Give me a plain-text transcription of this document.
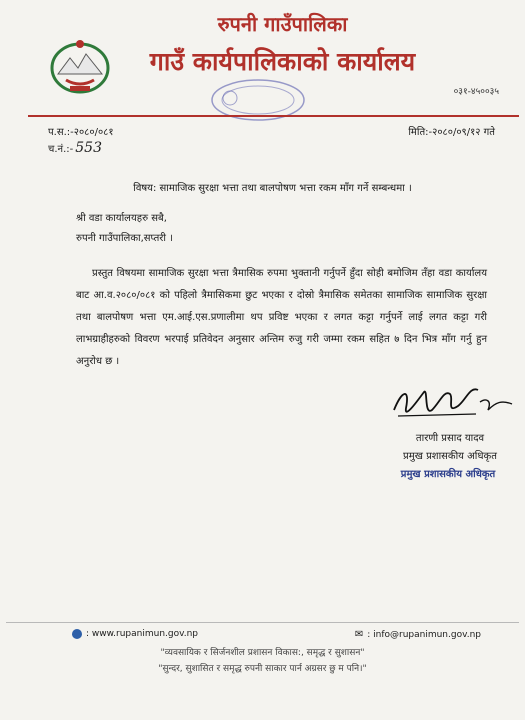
रुपनी गाउँपालिका
गाउँ कार्यपालिकाको कार्यालय
०३१-४५००३५
प.स.:-२०८०/०८१
च.नं.:- 553
मिति:-२०८०/०९/१२ गते
विषय: सामाजिक सुरक्षा भत्ता तथा बालपोषण भत्ता रकम माँग गर्ने सम्बन्धमा ।
श्री वडा कार्यालयहरु सबै,
रुपनी गाउँपालिका,सप्तरी ।
प्रस्तुत विषयमा सामाजिक सुरक्षा भत्ता त्रैमासिक रुपमा भुक्तानी गर्नुपर्ने हुँदा सोही बमोजिम तँहा वडा कार्यालय बाट आ.व.२०८०/०८१ को पहिलो त्रैमासिकमा छुट भएका र दोस्रो त्रैमासिक समेतका सामाजिक सामाजिक सुरक्षा तथा बालपोषण भत्ता एम.आई.एस.प्रणालीमा थप प्रविष्ट भएका र लगत कट्टा गर्नुपर्ने लाई लगत कट्टा गरी लाभग्राहीहरुको विवरण भरपाई प्रतिवेदन अनुसार अन्तिम रुजु गरी जम्मा रकम सहित ७ दिन भित्र माँग गर्नु हुन अनुरोध छ ।
तारणी प्रसाद यादव
प्रमुख प्रशासकीय अधिकृत
प्रमुख प्रशासकीय अधिकृत
: www.rupanimun.gov.np	✉ : info@rupanimun.gov.np
"व्यवसायिक र सिर्जनशील प्रशासन विकास:, समृद्ध र सुशासन"
"सुन्दर, सुशासित र समृद्ध रुपनी साकार पार्न अग्रसर छु म पनि।"
